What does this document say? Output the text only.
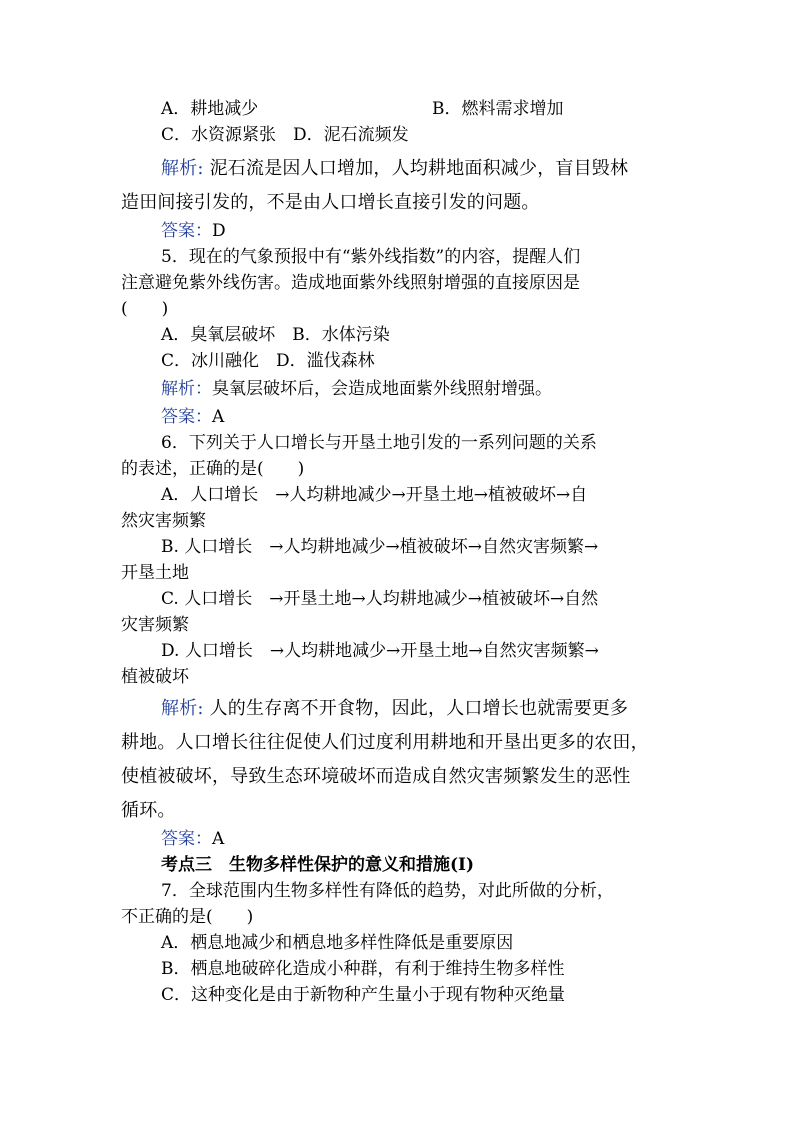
A．耕地减少	B．燃料需求增加
C．水资源紧张　D．泥石流频发
解析: 泥石流是因人口增加，人均耕地面积减少，盲目毁林
造田间接引发的，不是由人口增长直接引发的问题。
答案：D
5．现在的气象预报中有“紫外线指数”的内容，提醒人们
注意避免紫外线伤害。造成地面紫外线照射增强的直接原因是
(　　)
A．臭氧层破坏　B．水体污染
C．冰川融化　D．滥伐森林
解析：臭氧层破坏后，会造成地面紫外线照射增强。
答案：A
6．下列关于人口增长与开垦土地引发的一系列问题的关系
的表述，正确的是(　　)
A．人口增长　→人均耕地减少→开垦土地→植被破坏→自
然灾害频繁
B. 人口增长　→人均耕地减少→植被破坏→自然灾害频繁→
开垦土地
C. 人口增长　→开垦土地→人均耕地减少→植被破坏→自然
灾害频繁
D. 人口增长　→人均耕地减少→开垦土地→自然灾害频繁→
植被破坏
解析: 人的生存离不开食物，因此，人口增长也就需要更多
耕地。人口增长往往促使人们过度利用耕地和开垦出更多的农田，
使植被破坏，导致生态环境破坏而造成自然灾害频繁发生的恶性
循环。
答案：A
考点三　生物多样性保护的意义和措施(Ⅰ)
7．全球范围内生物多样性有降低的趋势，对此所做的分析，
不正确的是(　　)
A．栖息地减少和栖息地多样性降低是重要原因
B．栖息地破碎化造成小种群，有利于维持生物多样性
C．这种变化是由于新物种产生量小于现有物种灭绝量
